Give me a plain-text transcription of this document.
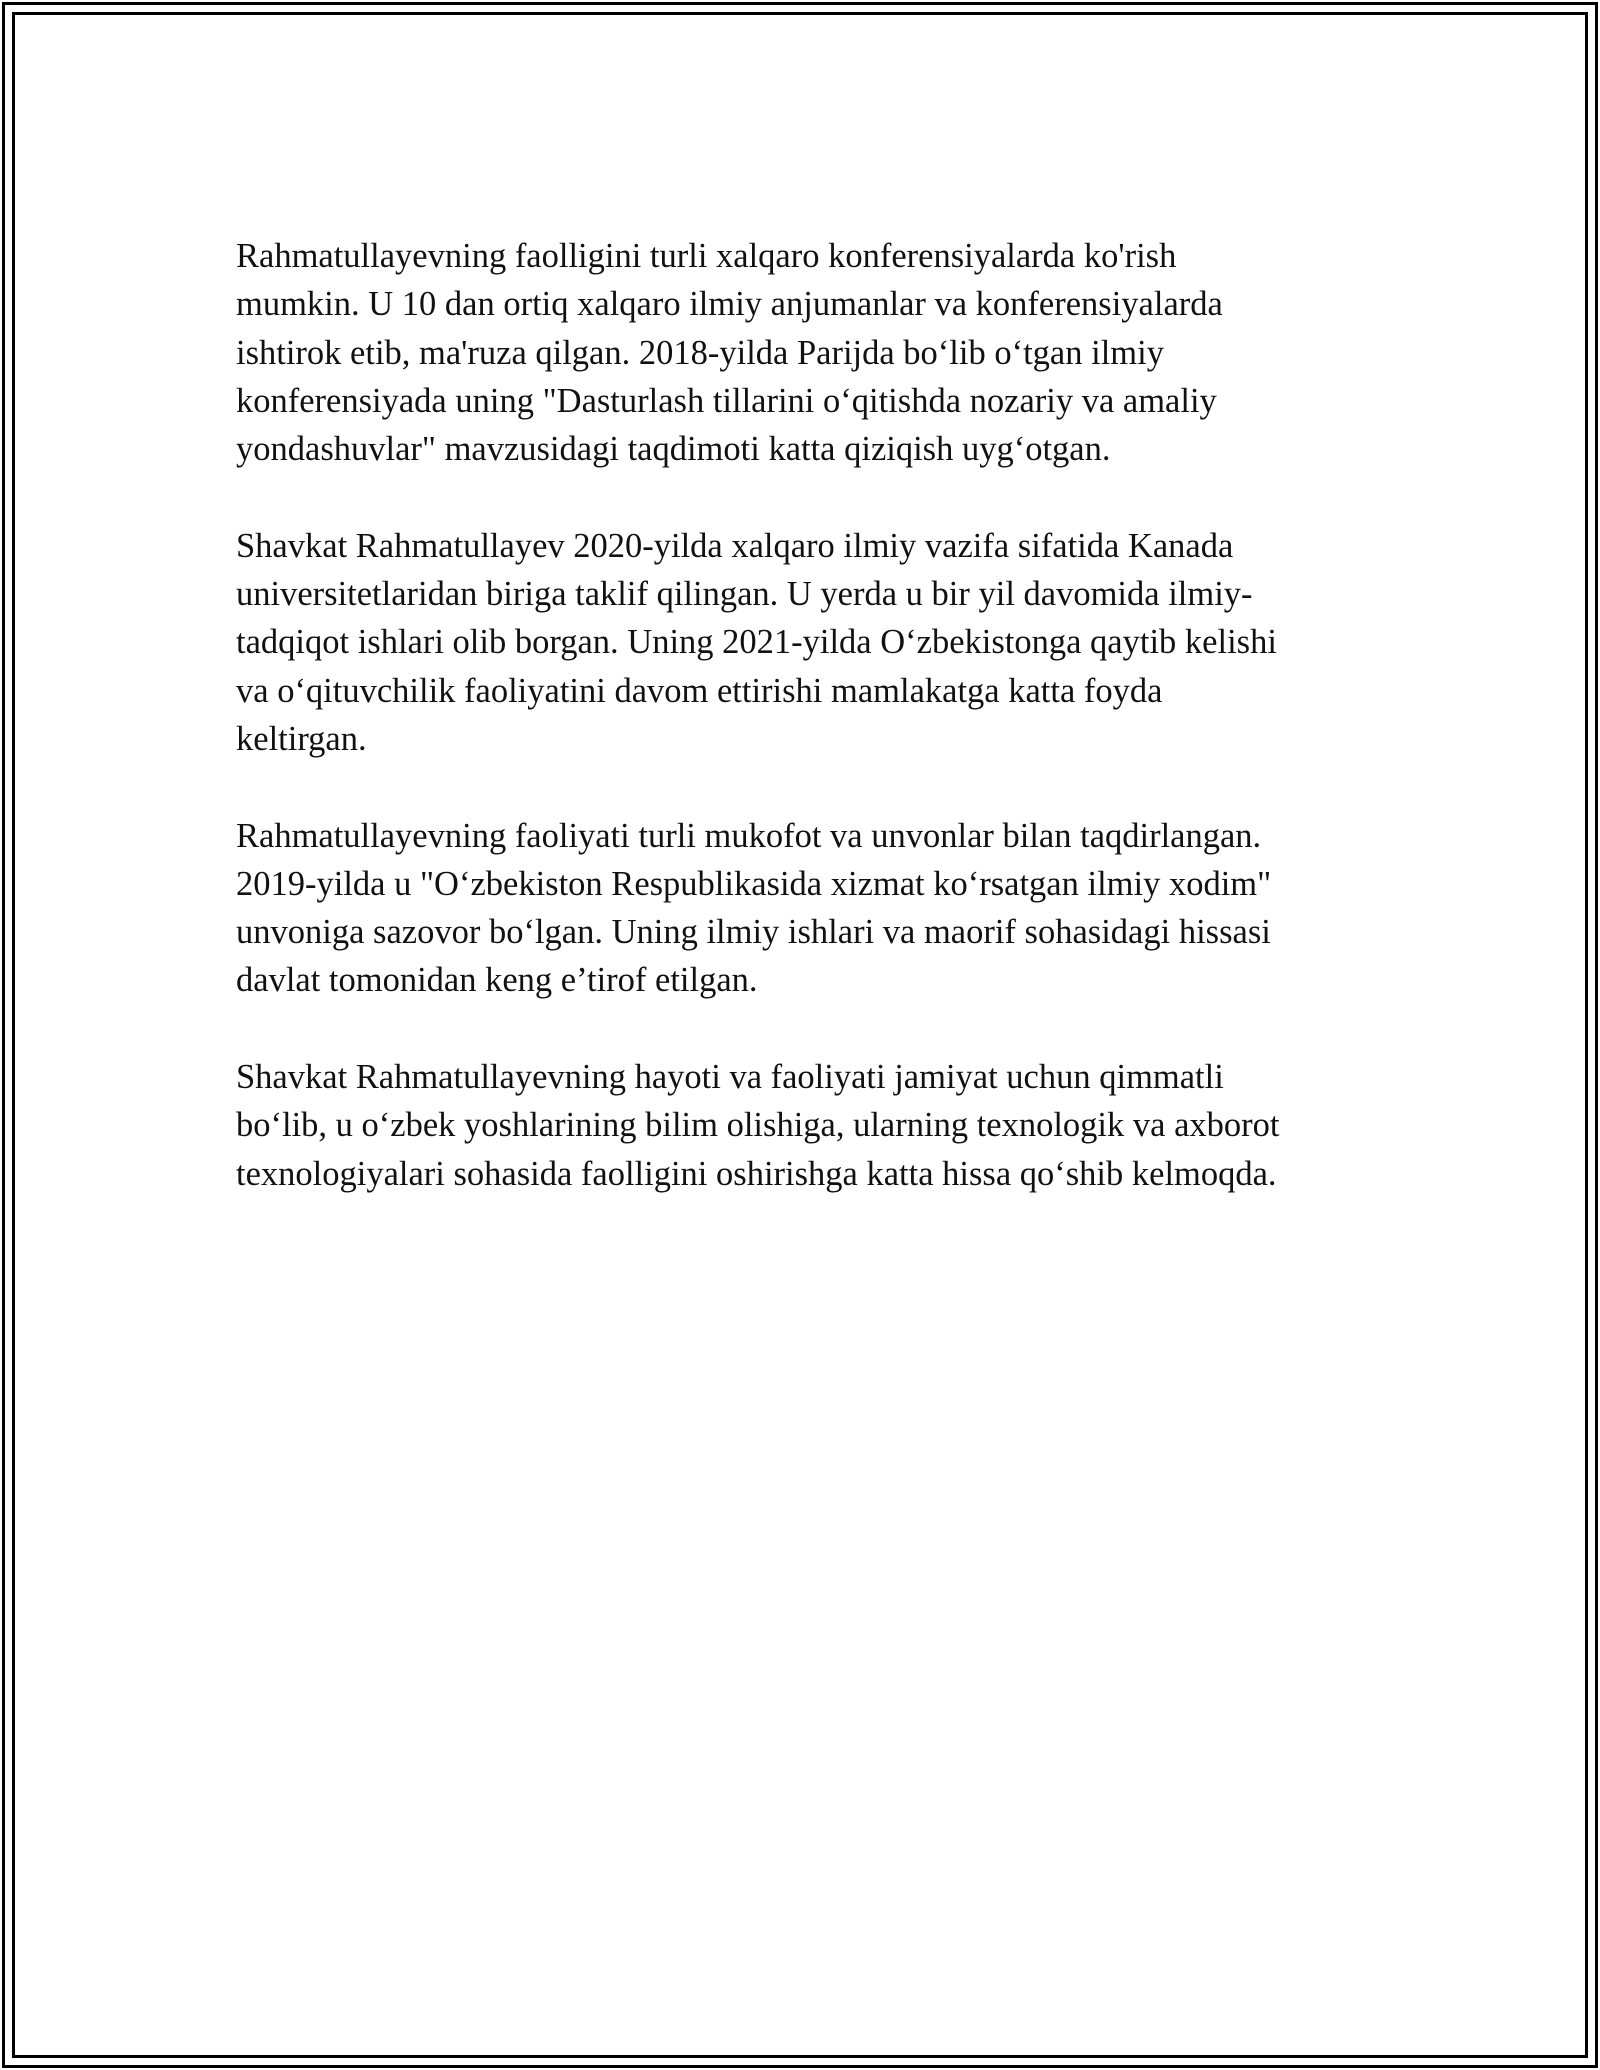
Rahmatullayevning faolligini turli xalqaro konferensiyalarda ko'rish
mumkin. U 10 dan ortiq xalqaro ilmiy anjumanlar va konferensiyalarda
ishtirok etib, ma'ruza qilgan. 2018-yilda Parijda bo‘lib o‘tgan ilmiy
konferensiyada uning "Dasturlash tillarini o‘qitishda nozariy va amaliy
yondashuvlar" mavzusidagi taqdimoti katta qiziqish uyg‘otgan.

Shavkat Rahmatullayev 2020-yilda xalqaro ilmiy vazifa sifatida Kanada
universitetlaridan biriga taklif qilingan. U yerda u bir yil davomida ilmiy-
tadqiqot ishlari olib borgan. Uning 2021-yilda O‘zbekistonga qaytib kelishi
va o‘qituvchilik faoliyatini davom ettirishi mamlakatga katta foyda
keltirgan.

Rahmatullayevning faoliyati turli mukofot va unvonlar bilan taqdirlangan.
2019-yilda u "O‘zbekiston Respublikasida xizmat ko‘rsatgan ilmiy xodim"
unvoniga sazovor bo‘lgan. Uning ilmiy ishlari va maorif sohasidagi hissasi
davlat tomonidan keng e’tirof etilgan.

Shavkat Rahmatullayevning hayoti va faoliyati jamiyat uchun qimmatli
bo‘lib, u o‘zbek yoshlarining bilim olishiga, ularning texnologik va axborot
texnologiyalari sohasida faolligini oshirishga katta hissa qo‘shib kelmoqda.
